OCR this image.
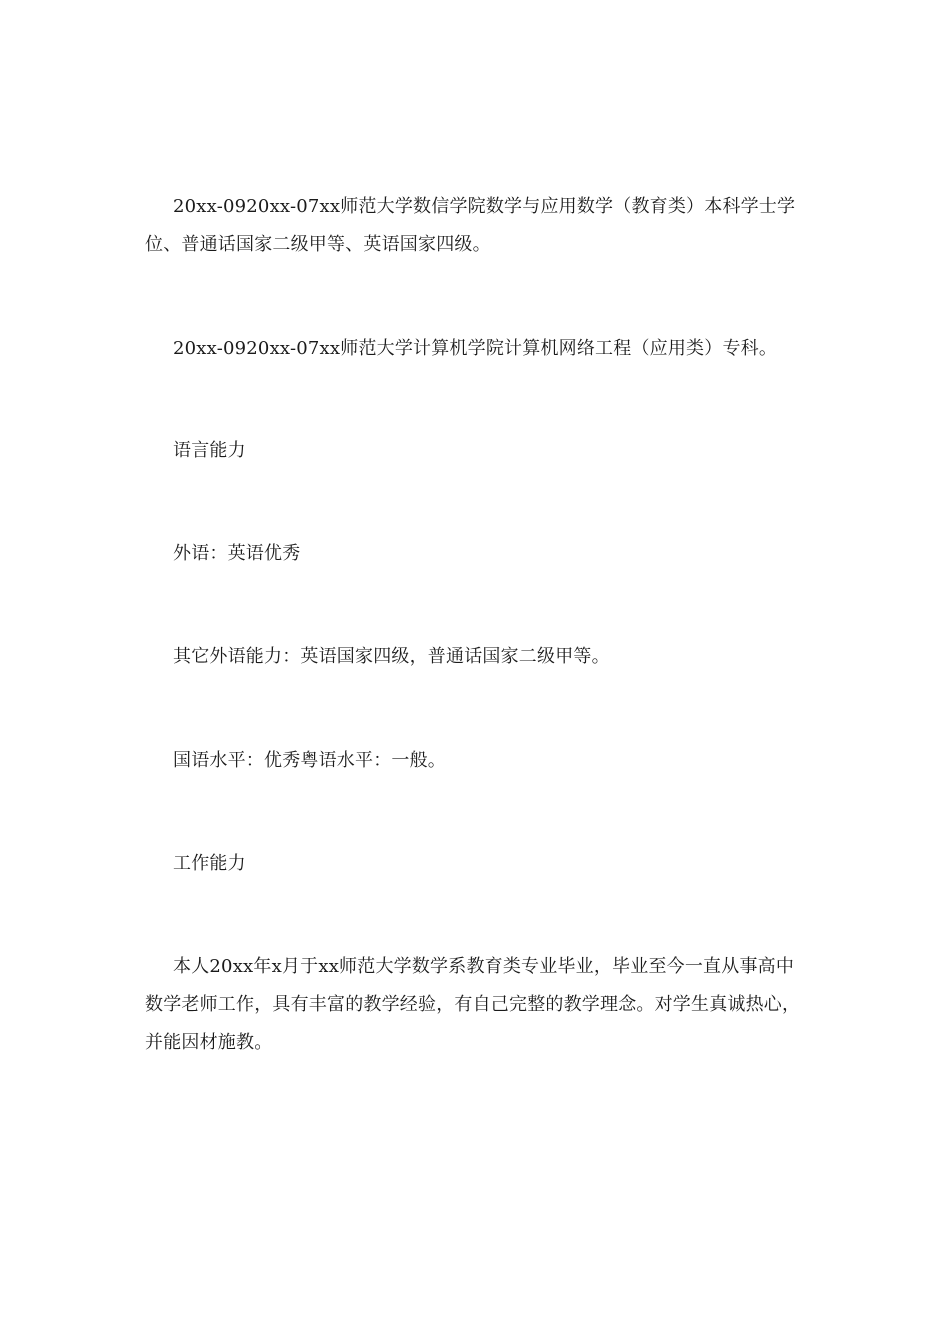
20xx-0920xx-07xx师范大学数信学院数学与应用数学（教育类）本科学士学位、普通话国家二级甲等、英语国家四级。

20xx-0920xx-07xx师范大学计算机学院计算机网络工程（应用类）专科。

语言能力

外语：英语优秀

其它外语能力：英语国家四级，普通话国家二级甲等。

国语水平：优秀粤语水平：一般。

工作能力

本人20xx年x月于xx师范大学数学系教育类专业毕业，毕业至今一直从事高中数学老师工作，具有丰富的教学经验，有自己完整的教学理念。对学生真诚热心，并能因材施教。
